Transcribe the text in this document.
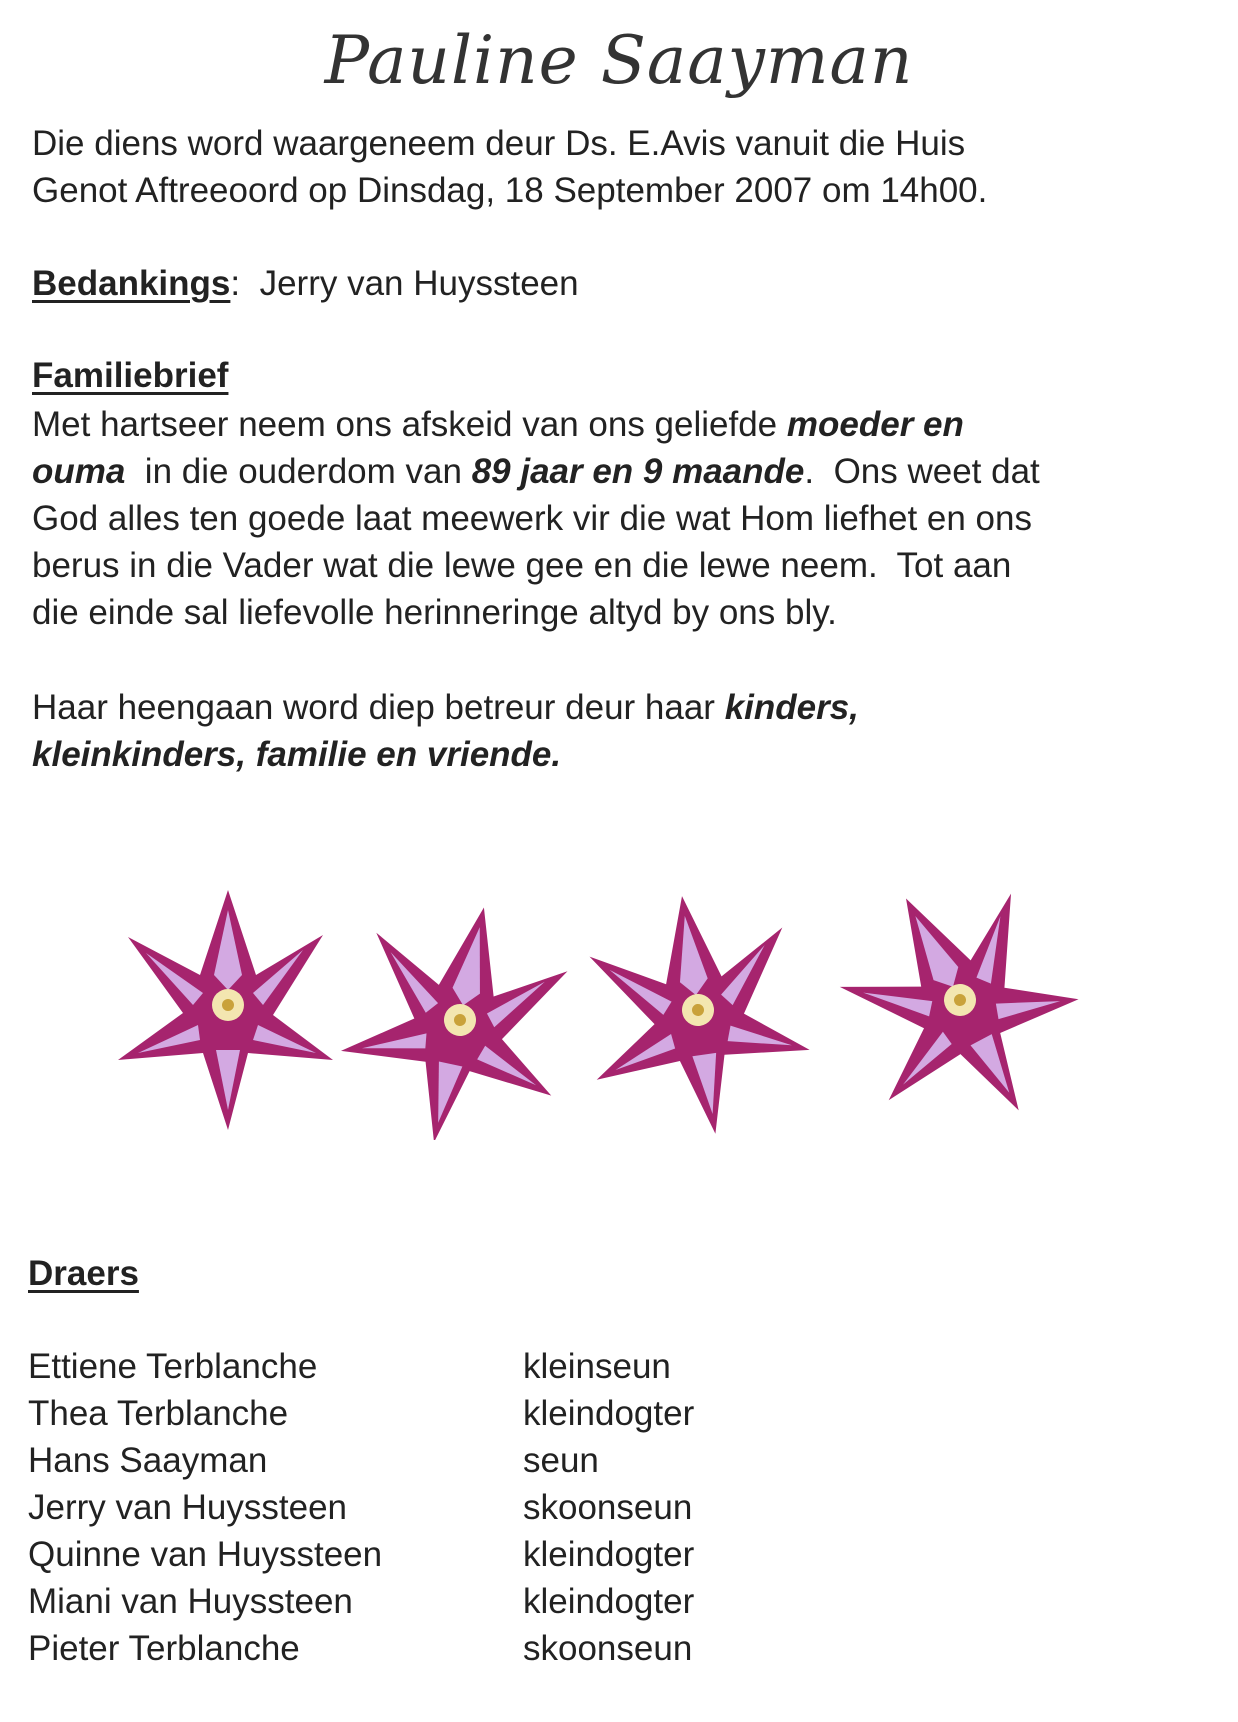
Pauline Saayman
Die diens word waargeneem deur Ds. E.Avis vanuit die Huis
Genot Aftreeoord op Dinsdag, 18 September 2007 om 14h00.
Bedankings:  Jerry van Huyssteen
Familiebrief
Met hartseer neem ons afskeid van ons geliefde moeder en
ouma  in die ouderdom van 89 jaar en 9 maande.  Ons weet dat
God alles ten goede laat meewerk vir die wat Hom liefhet en ons
berus in die Vader wat die lewe gee en die lewe neem.  Tot aan
die einde sal liefevolle herinneringe altyd by ons bly.
Haar heengaan word diep betreur deur haar kinders,
kleinkinders, familie en vriende.
Draers
Ettiene Terblanche	kleinseun
Thea Terblanche	kleindogter
Hans Saayman	seun
Jerry van Huyssteen	skoonseun
Quinne van Huyssteen	kleindogter
Miani van Huyssteen	kleindogter
Pieter Terblanche	skoonseun
